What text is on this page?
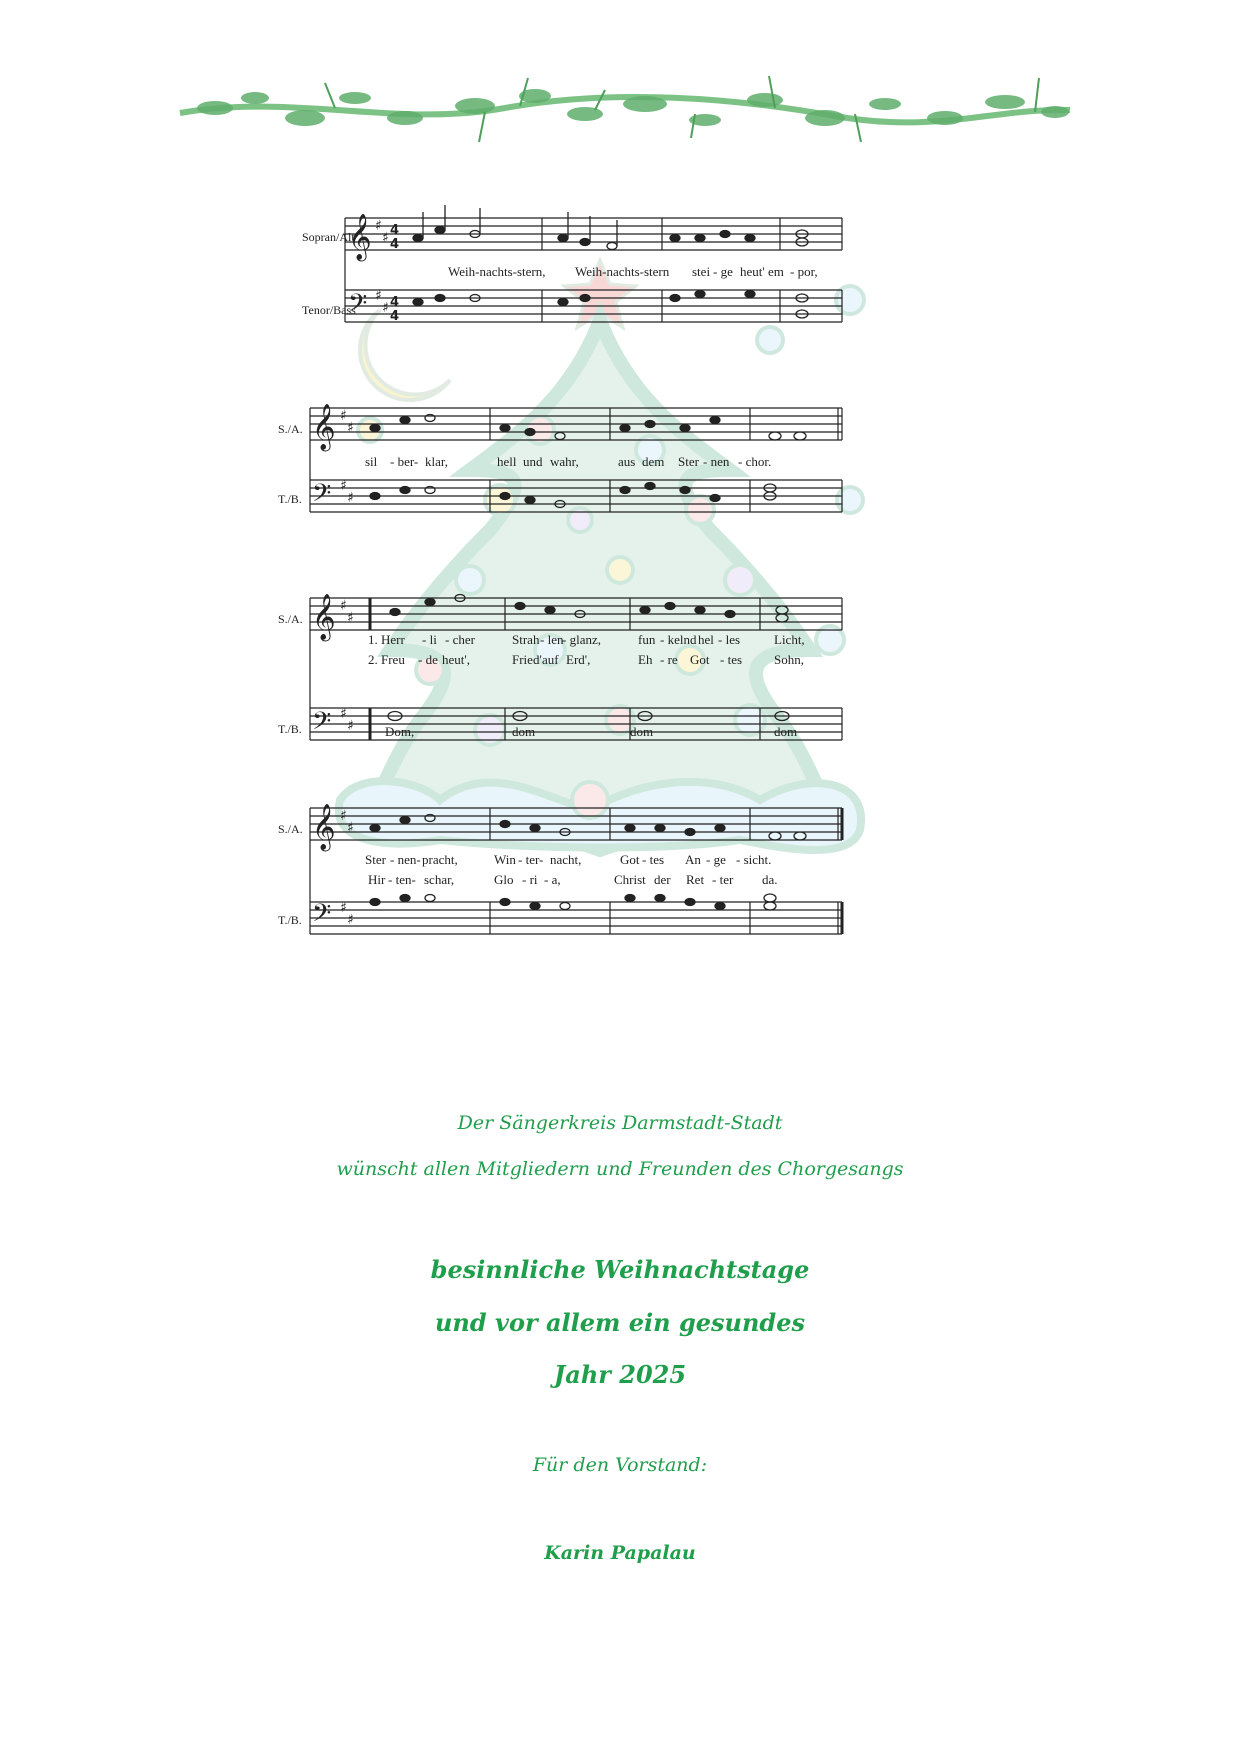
𝄞
𝄢
𝄞
𝄢
𝄞
𝄢
𝄞
𝄢
♯
♯
♯
♯
♯
♯
♯
♯
♯
♯
♯
♯
♯
♯
♯
♯
4
4
4
4
Sopran/Alt
Tenor/Bass
S./A.
T./B.
S./A.
T./B.
S./A.
T./B.
Weih-nachts-stern, Weih-nachts-stern stei - ge heut' em - por,
sil - ber- klar,	hell und wahr,	aus dem Ster - nen - chor.
1. Herr - li - cher	Strah - len
- glanz,	fun - kelnd hel - les	Licht,
2. Freu - de heut',	Fried' auf Erd',	Eh - re Got - tes Sohn,
Dom,	dom	dom	dom
Ster - nen- pracht,	Win - ter- nacht,	Got - tes An - ge - sicht.
Hir - ten- schar,	Glo - ri - a,	Christ der Ret - ter da.
Der Sängerkreis Darmstadt-Stadt
wünscht allen Mitgliedern und Freunden des Chorgesangs
besinnliche Weihnachtstage
und vor allem ein gesundes
Jahr 2025
Für den Vorstand:
Karin Papalau
